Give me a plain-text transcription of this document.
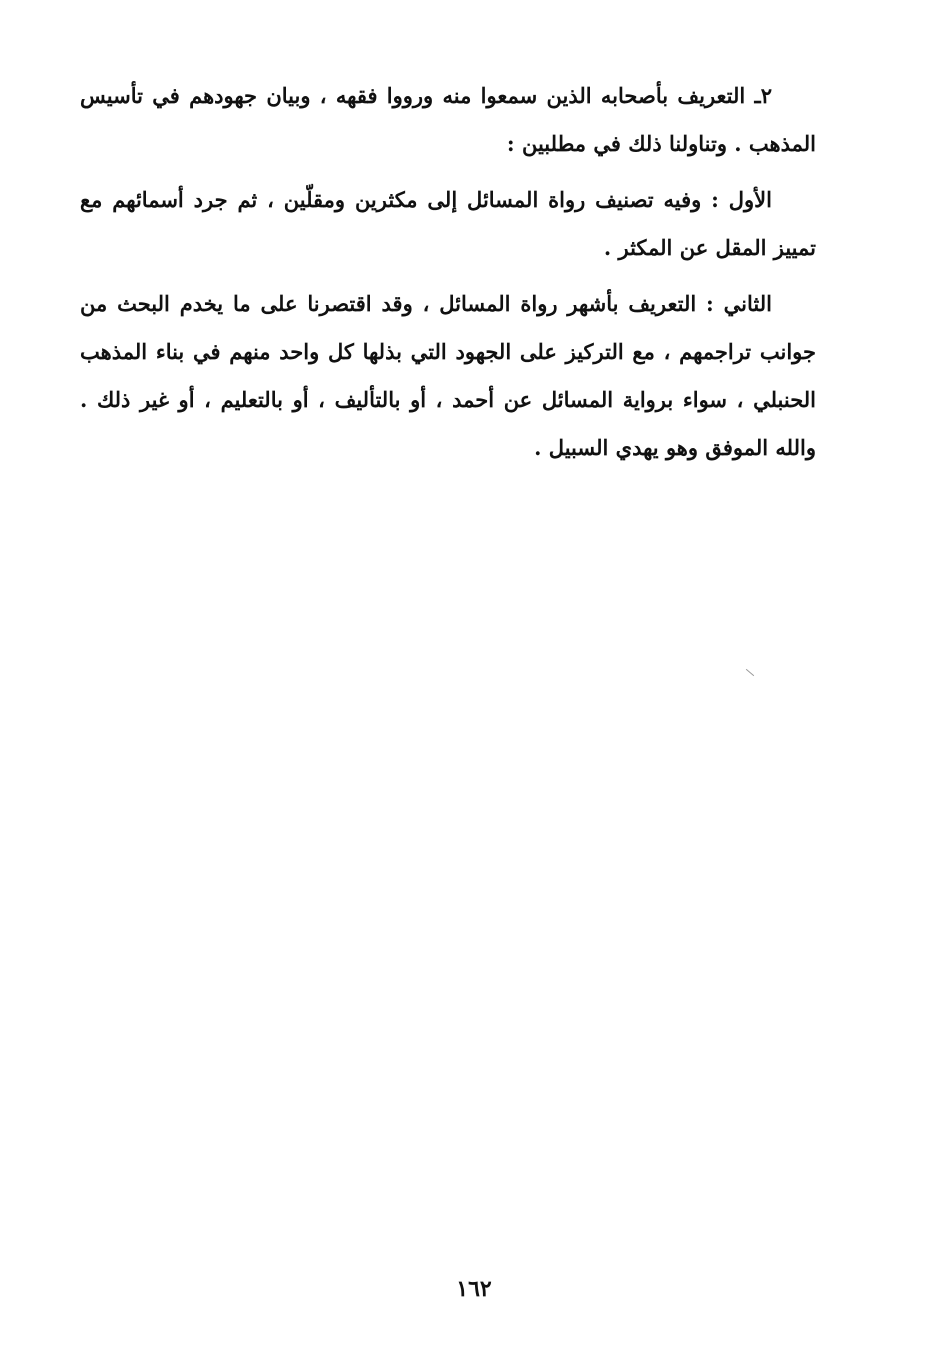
٢ـ التعريف بأصحابه الذين سمعوا منه ورووا فقهه ، وبيان جهودهم في تأسيس المذهب . وتناولنا ذلك في مطلبين :

الأول : وفيه تصنيف رواة المسائل إلى مكثرين ومقلّين ، ثم جرد أسمائهم مع تمييز المقل عن المكثر .

الثاني : التعريف بأشهر رواة المسائل ، وقد اقتصرنا على ما يخدم البحث من جوانب تراجمهم ، مع التركيز على الجهود التي بذلها كل واحد منهم في بناء المذهب الحنبلي ، سواء برواية المسائل عن أحمد ، أو بالتأليف ، أو بالتعليم ، أو غير ذلك . والله الموفق وهو يهدي السبيل .

١٦٢
